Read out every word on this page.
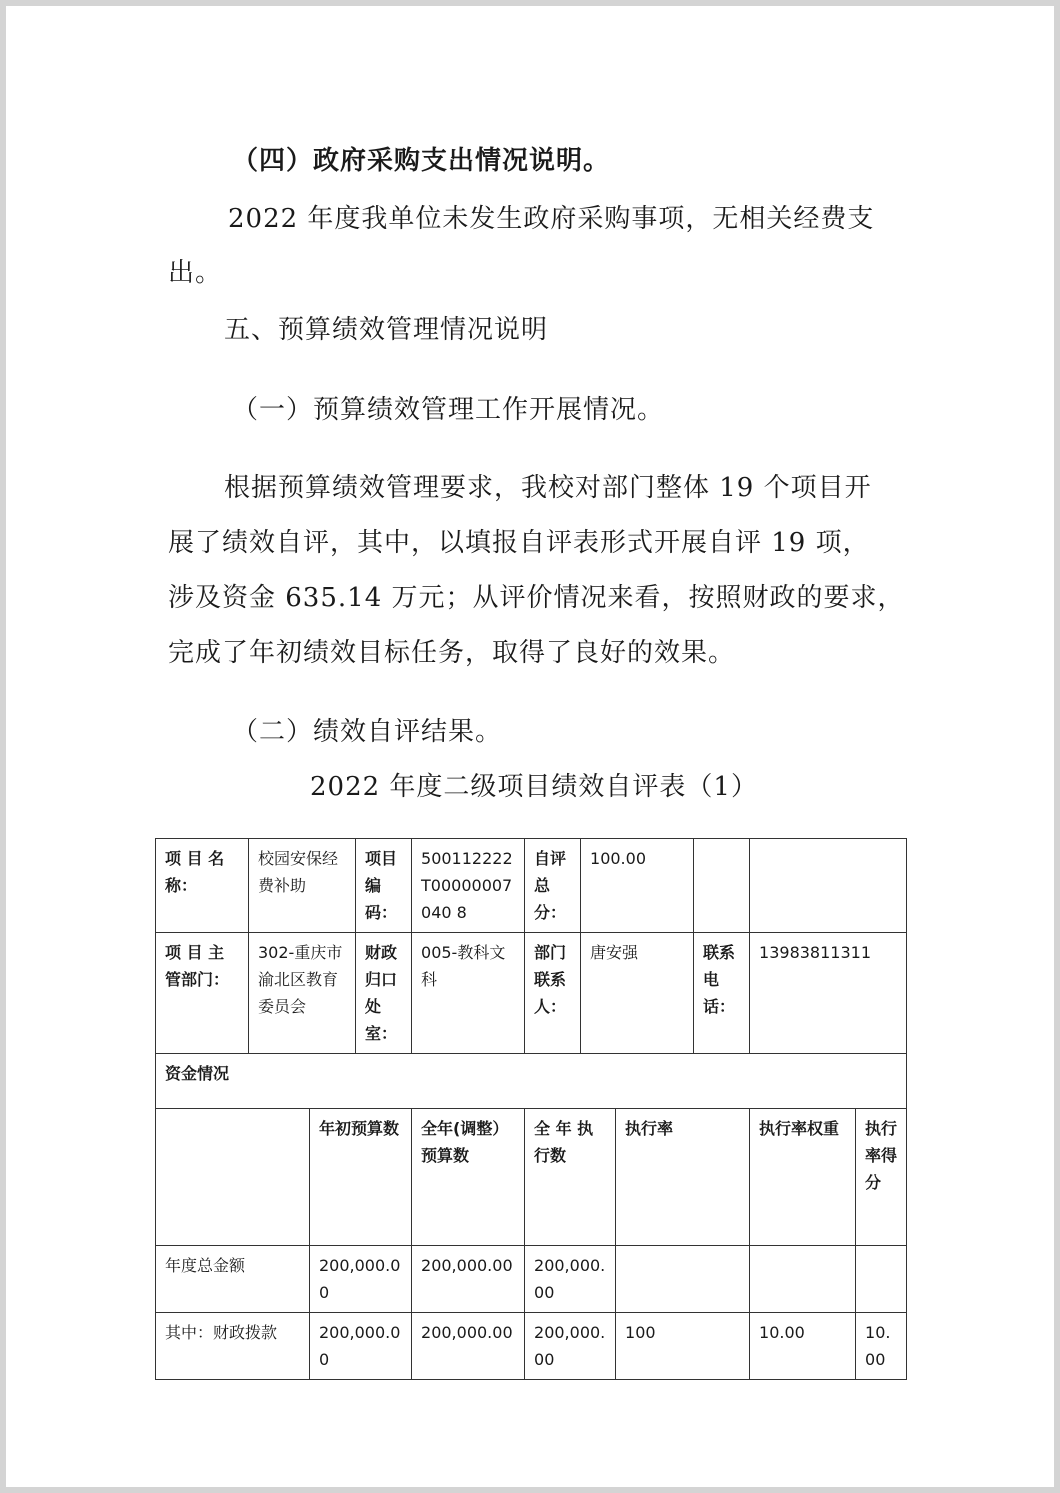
（四）政府采购支出情况说明。
2022 年度我单位未发生政府采购事项，无相关经费支
出。
五、预算绩效管理情况说明
（一）预算绩效管理工作开展情况。
根据预算绩效管理要求，我校对部门整体 19 个项目开
展了绩效自评，其中，以填报自评表形式开展自评 19 项，
涉及资金 635.14 万元；从评价情况来看，按照财政的要求，
完成了年初绩效目标任务，取得了良好的效果。
（二）绩效自评结果。
2022 年度二级项目绩效自评表（1）
项 目 名称：	校园安保经费补助		项目编码：	500112222T00000007040 8	自评总分：	100.00				
项 目 主管部门：	302-重庆市渝北区教育委员会		财政归口处室：	005-教科文科	部门联系人：	唐安强		联系电话：	13983811311	
资金情况										
		年初预算数		全年(调整）预算数	全 年 执行数		执行率		执行率权重	执行率得分
年度总金额		200,000.00		200,000.00	200,000.00					
其中：财政拨款		200,000.00		200,000.00	200,000.00		100		10.00	10.00
